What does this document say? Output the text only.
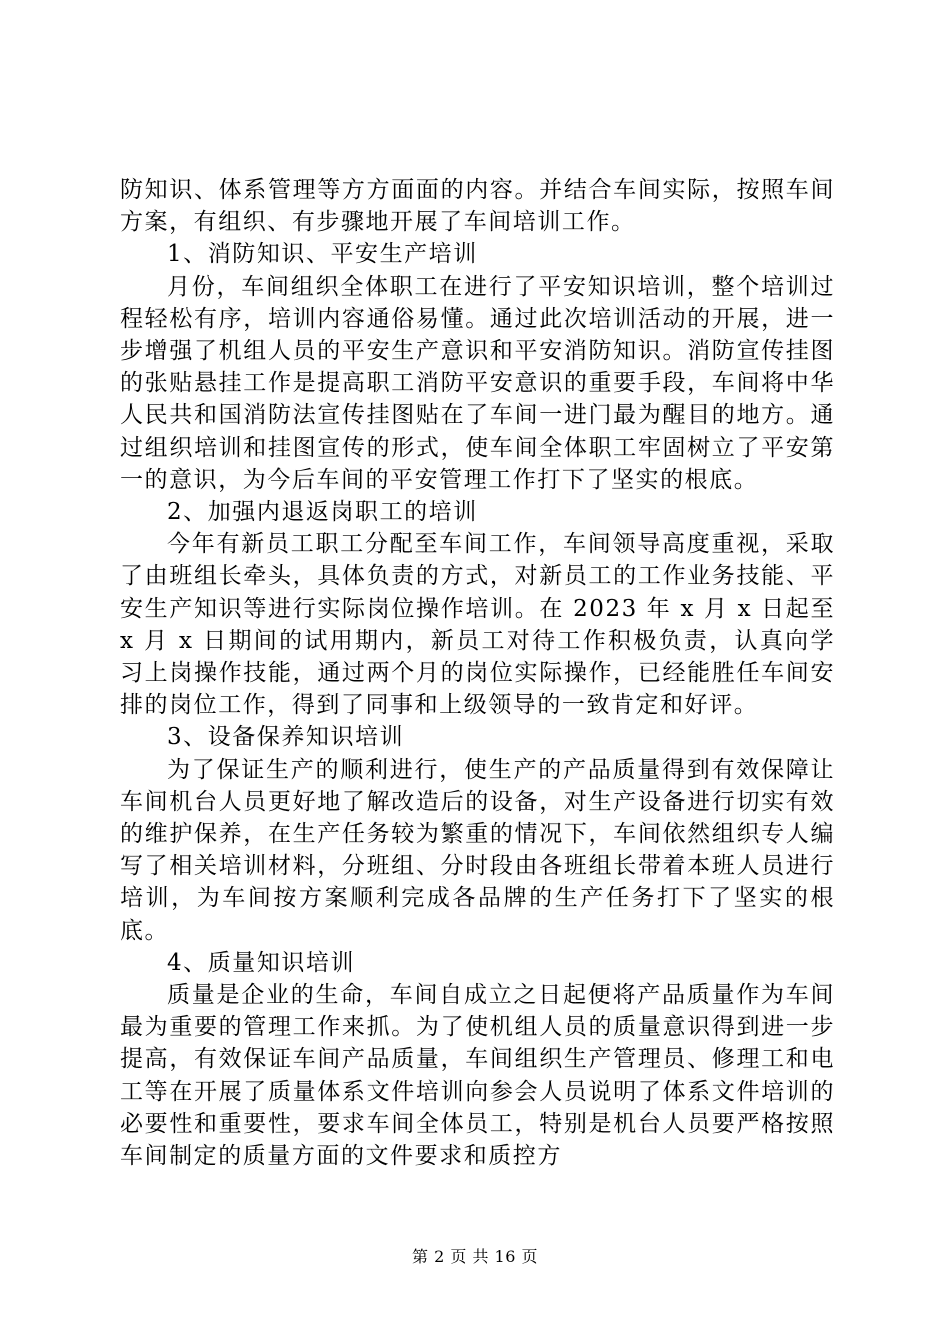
防知识、体系管理等方方面面的内容。并结合车间实际，按照车间方案，有组织、有步骤地开展了车间培训工作。

1、消防知识、平安生产培训

月份，车间组织全体职工在进行了平安知识培训，整个培训过程轻松有序，培训内容通俗易懂。通过此次培训活动的开展，进一步增强了机组人员的平安生产意识和平安消防知识。消防宣传挂图的张贴悬挂工作是提高职工消防平安意识的重要手段，车间将中华人民共和国消防法宣传挂图贴在了车间一进门最为醒目的地方。通过组织培训和挂图宣传的形式，使车间全体职工牢固树立了平安第一的意识，为今后车间的平安管理工作打下了坚实的根底。

2、加强内退返岗职工的培训

今年有新员工职工分配至车间工作，车间领导高度重视，采取了由班组长牵头，具体负责的方式，对新员工的工作业务技能、平安生产知识等进行实际岗位操作培训。在 2023 年 x 月 x 日起至 x 月 x 日期间的试用期内，新员工对待工作积极负责，认真向学习上岗操作技能，通过两个月的岗位实际操作，已经能胜任车间安排的岗位工作，得到了同事和上级领导的一致肯定和好评。

3、设备保养知识培训

为了保证生产的顺利进行，使生产的产品质量得到有效保障让车间机台人员更好地了解改造后的设备，对生产设备进行切实有效的维护保养，在生产任务较为繁重的情况下，车间依然组织专人编写了相关培训材料，分班组、分时段由各班组长带着本班人员进行培训，为车间按方案顺利完成各品牌的生产任务打下了坚实的根底。

4、质量知识培训

质量是企业的生命，车间自成立之日起便将产品质量作为车间最为重要的管理工作来抓。为了使机组人员的质量意识得到进一步提高，有效保证车间产品质量，车间组织生产管理员、修理工和电工等在开展了质量体系文件培训向参会人员说明了体系文件培训的必要性和重要性，要求车间全体员工，特别是机台人员要严格按照车间制定的质量方面的文件要求和质控方

第 2 页 共 16 页
